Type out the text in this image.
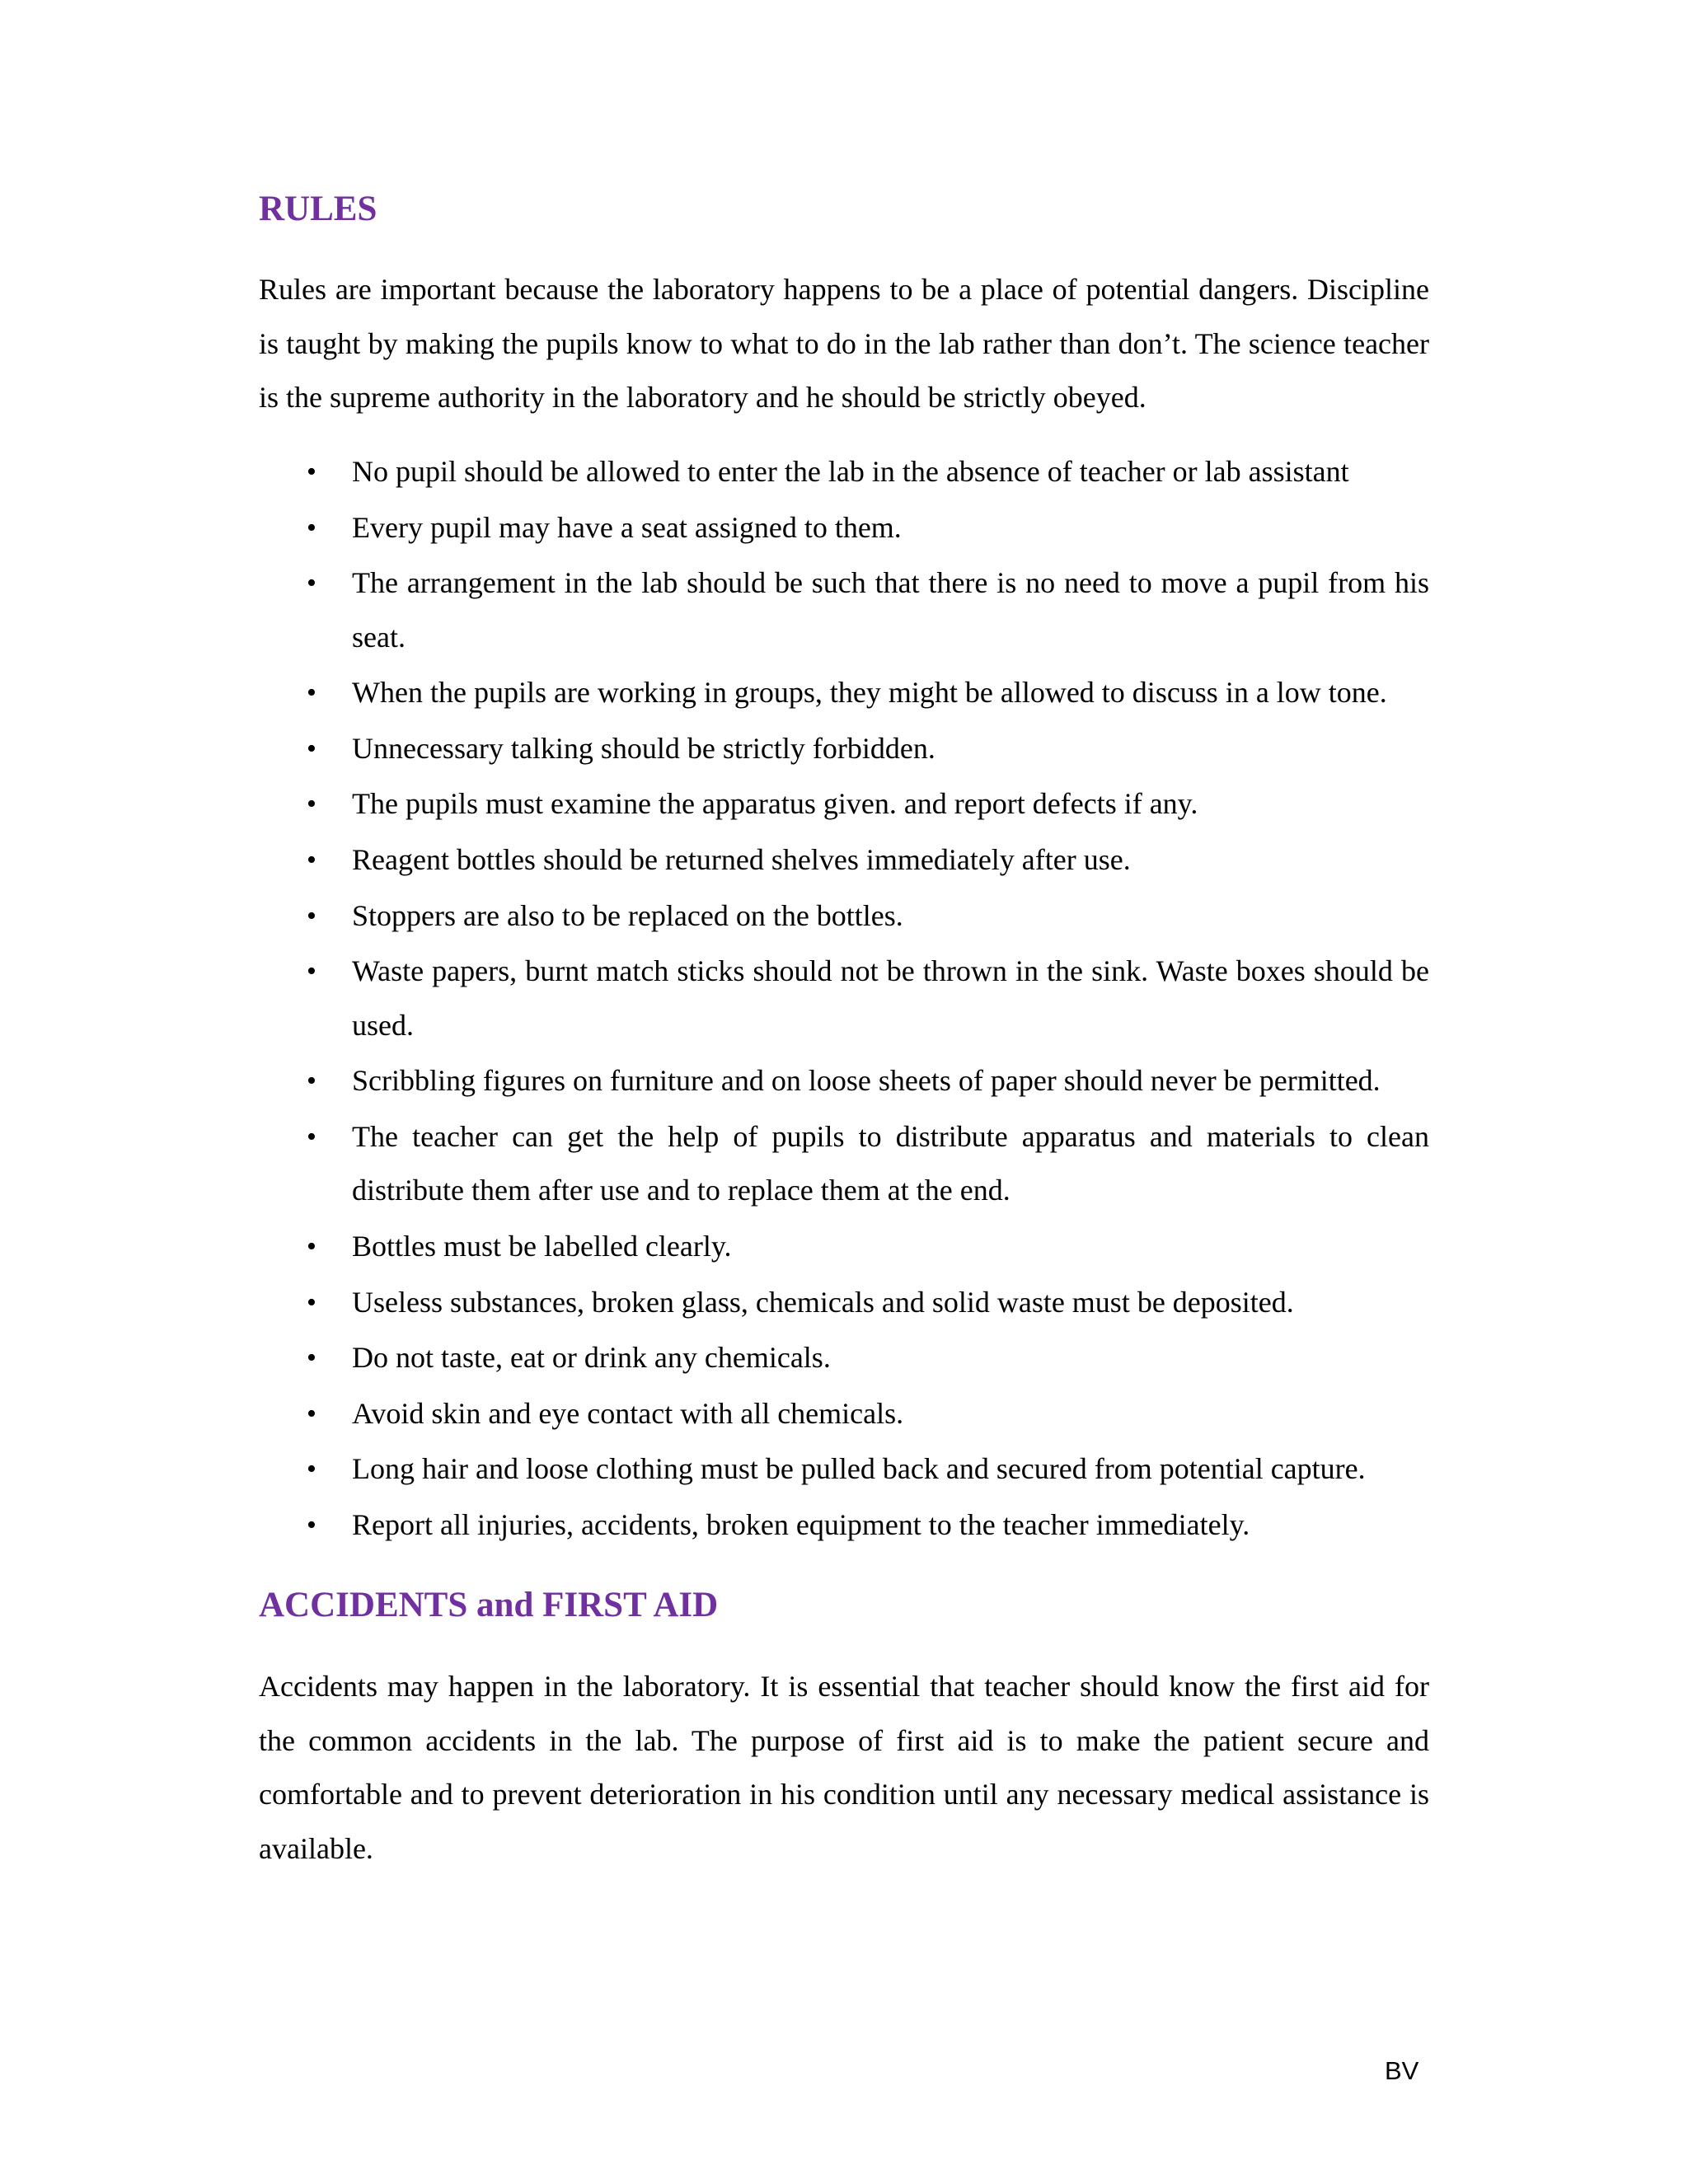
RULES

Rules are important because the laboratory happens to be a place of potential dangers. Discipline is taught by making the pupils know to what to do in the lab rather than don’t. The science teacher is the supreme authority in the laboratory and he should be strictly obeyed.

• No pupil should be allowed to enter the lab in the absence of teacher or lab assistant
• Every pupil may have a seat assigned to them.
• The arrangement in the lab should be such that there is no need to move a pupil from his seat.
• When the pupils are working in groups, they might be allowed to discuss in a low tone.
• Unnecessary talking should be strictly forbidden.
• The pupils must examine the apparatus given. and report defects if any.
• Reagent bottles should be returned shelves immediately after use.
• Stoppers are also to be replaced on the bottles.
• Waste papers, burnt match sticks should not be thrown in the sink. Waste boxes should be used.
• Scribbling figures on furniture and on loose sheets of paper should never be permitted.
• The teacher can get the help of pupils to distribute apparatus and materials to clean distribute them after use and to replace them at the end.
• Bottles must be labelled clearly.
• Useless substances, broken glass, chemicals and solid waste must be deposited.
• Do not taste, eat or drink any chemicals.
• Avoid skin and eye contact with all chemicals.
• Long hair and loose clothing must be pulled back and secured from potential capture.
• Report all injuries, accidents, broken equipment to the teacher immediately.
ACCIDENTS and FIRST AID

Accidents may happen in the laboratory. It is essential that teacher should know the first aid for the common accidents in the lab. The purpose of first aid is to make the patient secure and comfortable and to prevent deterioration in his condition until any necessary medical assistance is available.

BV
